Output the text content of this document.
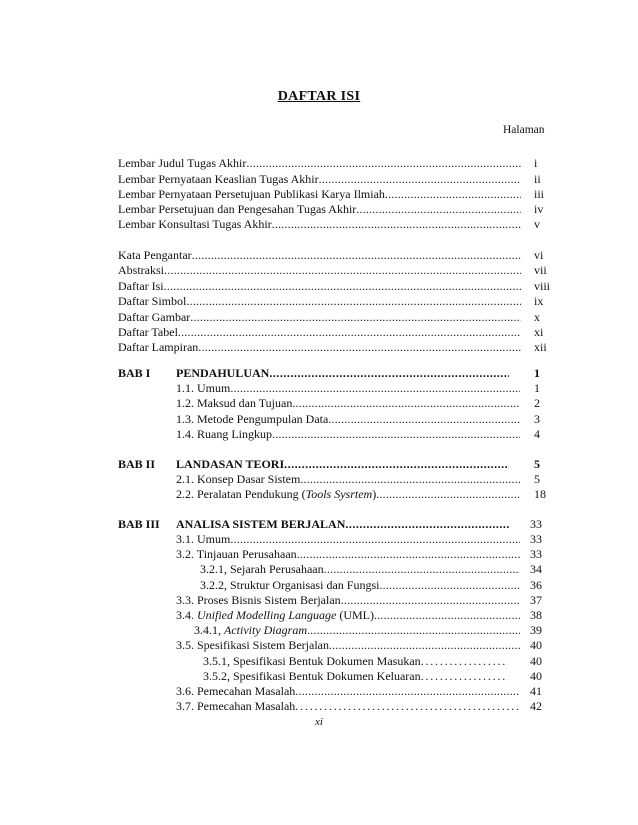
DAFTAR ISI
Halaman
Lembar Judul Tugas Akhir .....	i
Lembar Pernyataan Keaslian Tugas Akhir .....	ii
Lembar Pernyataan Persetujuan Publikasi Karya Ilmiah .....	iii
Lembar Persetujuan dan Pengesahan Tugas Akhir .....	iv
Lembar Konsultasi Tugas Akhir .....	v
Kata Pengantar .....	vi
Abstraksi .....	vii
Daftar Isi .....	viii
Daftar Simbol .....	ix
Daftar Gambar .....	x
Daftar Tabel .....	xi
Daftar Lampiran .....	xii
BAB I PENDAHULUAN .....	1
1.1. Umum .....	1
1.2. Maksud dan Tujuan .....	2
1.3. Metode Pengumpulan Data .....	3
1.4. Ruang Lingkup .....	4
BAB II LANDASAN TEORI .....	5
2.1. Konsep Dasar Sistem .....	5
2.2. Peralatan Pendukung (Tools Sysrtem) .....	18
BAB III ANALISA SISTEM BERJALAN .....	33
3.1. Umum .....	33
3.2. Tinjauan Perusahaan .....	33
3.2.1, Sejarah Perusahaan .....	34
3.2.2, Struktur Organisasi dan Fungsi .....	36
3.3. Proses Bisnis Sistem Berjalan .....	37
3.4. Unified Modelling Language (UML) .....	38
3.4.1, Activity Diagram .....	39
3.5. Spesifikasi Sistem Berjalan .....	40
3.5.1, Spesifikasi Bentuk Dokumen Masukan . . .	40
3.5.2, Spesifikasi Bentuk Dokumen Keluaran . . .	40
3.6. Pemecahan Masalah .....	41
3.7. Pemecahan Masalah . . .	42
xi
